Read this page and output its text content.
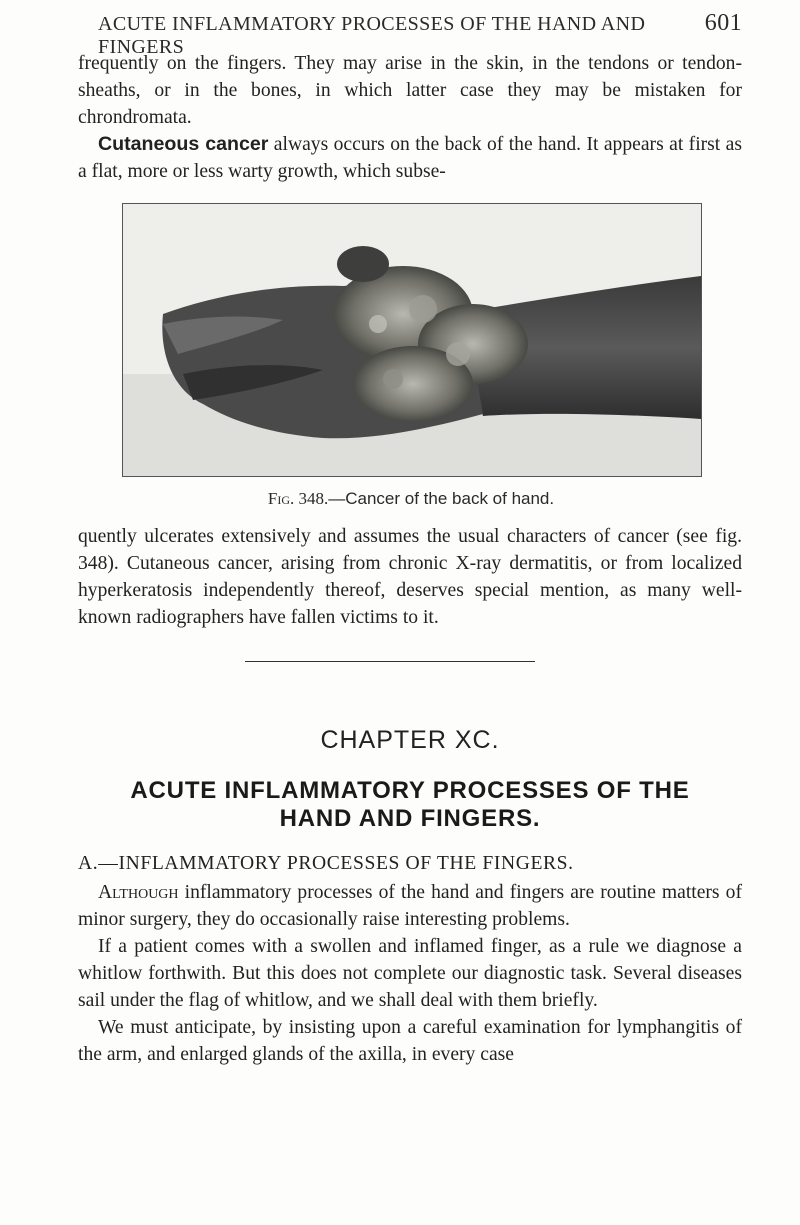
ACUTE INFLAMMATORY PROCESSES OF THE HAND AND FINGERS
601

frequently on the fingers. They may arise in the skin, in the tendons or tendon-sheaths, or in the bones, in which latter case they may be mistaken for chrondromata.

Cutaneous cancer always occurs on the back of the hand. It appears at first as a flat, more or less warty growth, which subse-

Fig. 348.—Cancer of the back of hand.

quently ulcerates extensively and assumes the usual characters of cancer (see fig. 348). Cutaneous cancer, arising from chronic X-ray dermatitis, or from localized hyperkeratosis independently thereof, deserves special mention, as many well-known radiographers have fallen victims to it.

CHAPTER XC.
ACUTE INFLAMMATORY PROCESSES OF THE
HAND AND FINGERS.
A.—INFLAMMATORY PROCESSES OF THE FINGERS.

Although inflammatory processes of the hand and fingers are routine matters of minor surgery, they do occasionally raise interesting problems.

If a patient comes with a swollen and inflamed finger, as a rule we diagnose a whitlow forthwith. But this does not complete our diagnostic task. Several diseases sail under the flag of whitlow, and we shall deal with them briefly.

We must anticipate, by insisting upon a careful examination for lymphangitis of the arm, and enlarged glands of the axilla, in every case
